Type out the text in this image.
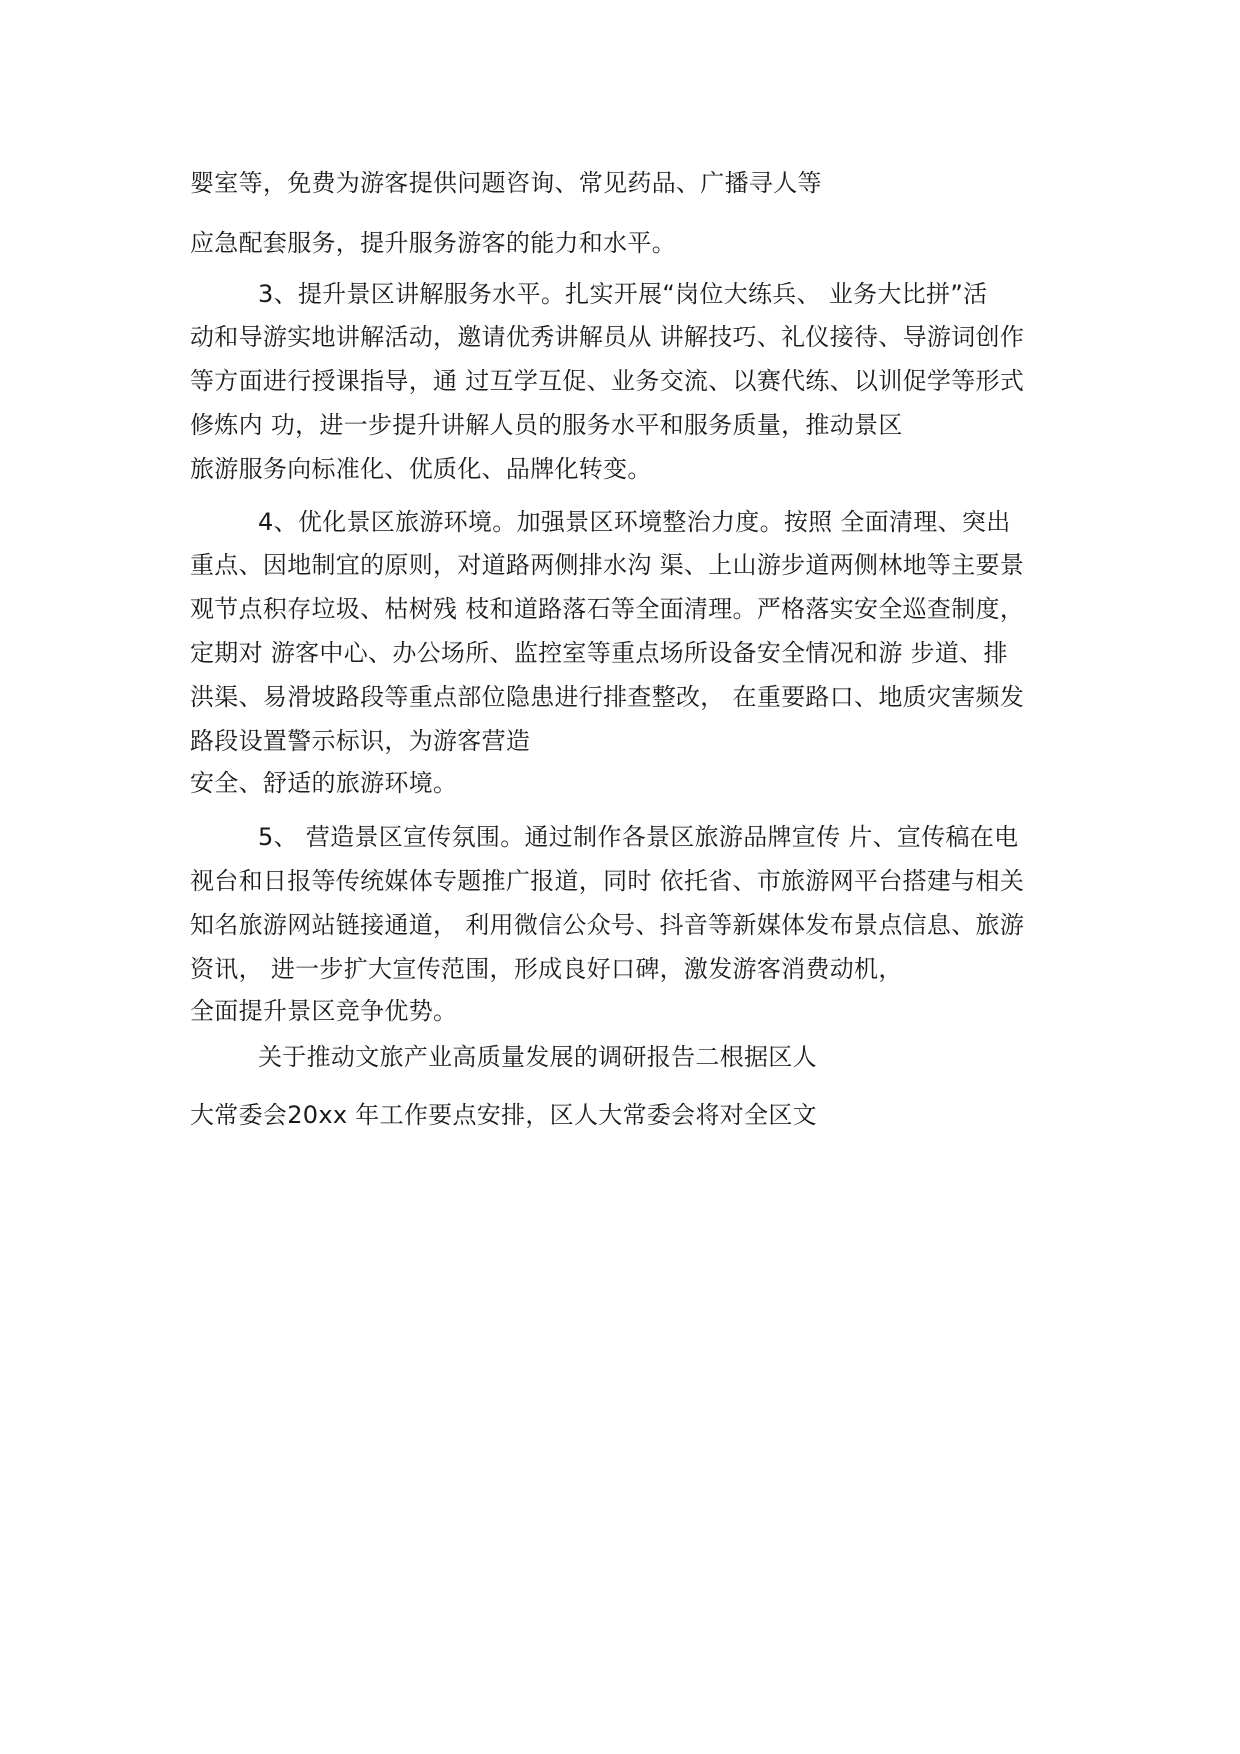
婴室等，免费为游客提供问题咨询、常见药品、广播寻人等
应急配套服务，提升服务游客的能力和水平。
3、提升景区讲解服务水平。扎实开展“岗位大练兵、 业务大比拼”活
动和导游实地讲解活动，邀请优秀讲解员从 讲解技巧、礼仪接待、导游词创作
等方面进行授课指导，通 过互学互促、业务交流、以赛代练、以训促学等形式
修炼内 功，进一步提升讲解人员的服务水平和服务质量，推动景区
旅游服务向标准化、优质化、品牌化转变。
4、优化景区旅游环境。加强景区环境整治力度。按照 全面清理、突出
重点、因地制宜的原则，对道路两侧排水沟 渠、上山游步道两侧林地等主要景
观节点积存垃圾、枯树残 枝和道路落石等全面清理。严格落实安全巡查制度，
定期对 游客中心、办公场所、监控室等重点场所设备安全情况和游 步道、排
洪渠、易滑坡路段等重点部位隐患进行排查整改， 在重要路口、地质灾害频发
路段设置警示标识，为游客营造
安全、舒适的旅游环境。
5、 营造景区宣传氛围。通过制作各景区旅游品牌宣传 片、宣传稿在电
视台和日报等传统媒体专题推广报道，同时 依托省、市旅游网平台搭建与相关
知名旅游网站链接通道， 利用微信公众号、抖音等新媒体发布景点信息、旅游
资讯， 进一步扩大宣传范围，形成良好口碑，激发游客消费动机，
全面提升景区竞争优势。
关于推动文旅产业高质量发展的调研报告二根据区人
大常委会20xx 年工作要点安排，区人大常委会将对全区文
